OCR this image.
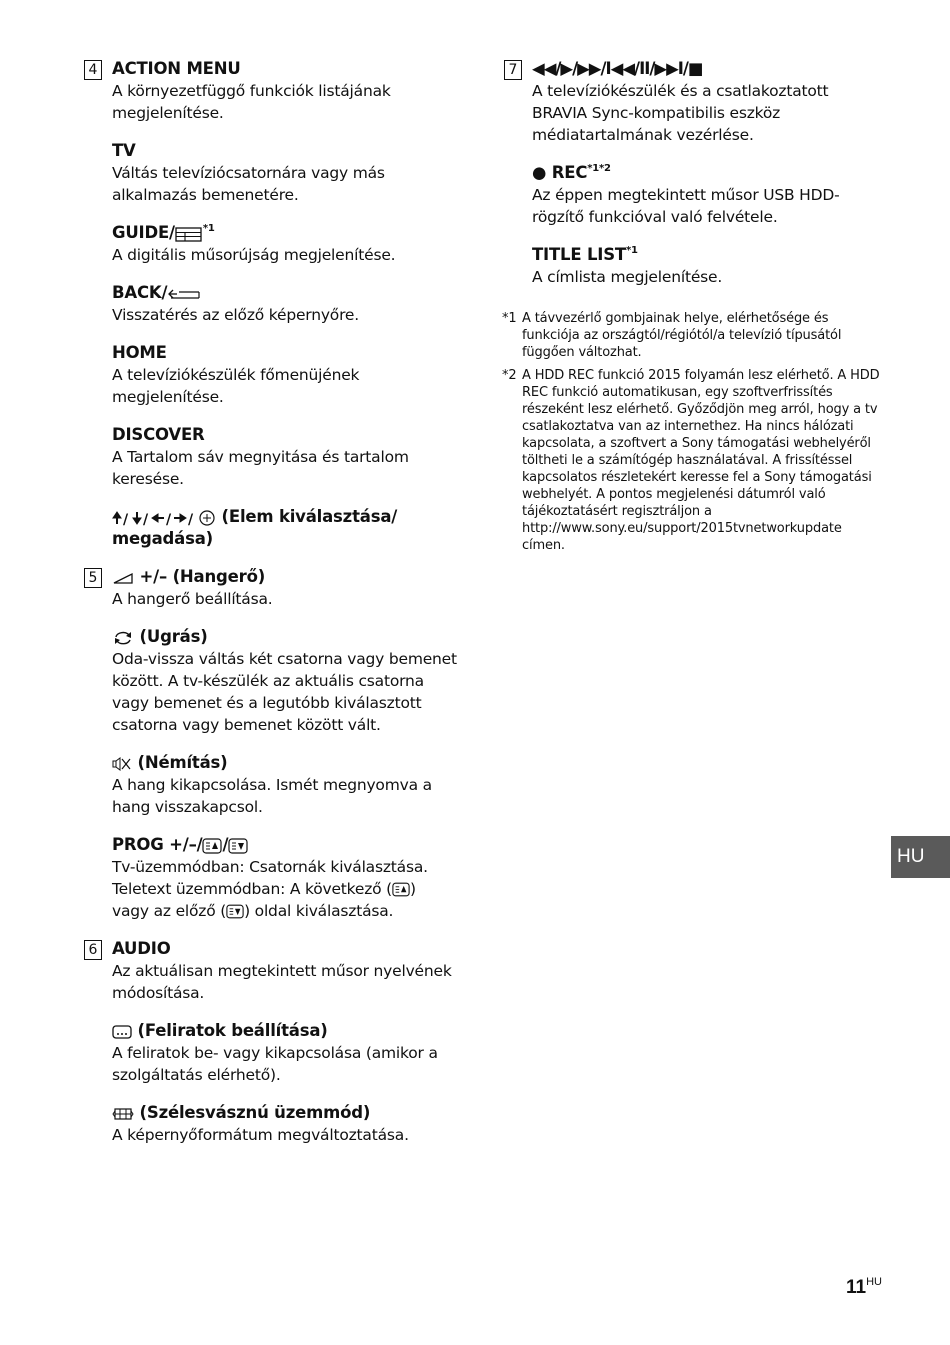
4 ACTION MENU
A környezetfüggő funkciók listájának megjelenítése.
TV
Váltás televíziócsatornára vagy más alkalmazás bemenetére.
GUIDE/	$^{*1}$
A digitális műsorújság megjelenítése.
BACK/
Visszatérés az előző képernyőre.
HOME
A televíziókészülék főmenüjének megjelenítése.
DISCOVER
A Tartalom sáv megnyitása és tartalom keresése.
/ / / / (Elem kiválasztása/ megadása)
5	+/– (Hangerő)
A hangerő beállítása.
(Ugrás)
Oda-vissza váltás két csatorna vagy bemenet között. A tv-készülék az aktuális csatorna vagy bemenet és a legutóbb kiválasztott csatorna vagy bemenet között vált.
(Némítás)
A hang kikapcsolása. Ismét megnyomva a hang visszakapcsol.
PROG +/–/ /
Tv-üzemmódban: Csatornák kiválasztása.
Teletext üzemmódban: A következő ( )
vagy az előző ( ) oldal kiválasztása.
6 AUDIO
Az aktuálisan megtekintett műsor nyelvének módosítása.
(Feliratok beállítása)
A feliratok be- vagy kikapcsolása (amikor a szolgáltatás elérhető).
(Szélesvásznú üzemmód)
A képernyőformátum megváltoztatása.
7 ◀◀/▶/▶▶/I◀◀/II/▶▶I/■
A televíziókészülék és a csatlakoztatott BRAVIA Sync-kompatibilis eszköz médiatartalmának vezérlése.
● $REC^{*1*2}$
Az éppen megtekintett műsor USB HDD-rögzítő funkcióval való felvétele.
TITLE LIST$^{*1}$
A címlista megjelenítése.
*1 A távvezérlő gombjainak helye, elérhetősége és funkciója az országtól/régiótól/a televízió típusától függően változhat.
*2 A HDD REC funkció 2015 folyamán lesz elérhető. A HDD REC funkció automatikusan, egy szoftverfrissítés részeként lesz elérhető. Győződjön meg arról, hogy a tv csatlakoztatva van az internethez. Ha nincs hálózati kapcsolata, a szoftvert a Sony támogatási webhelyéről töltheti le a számítógép használatával. A frissítéssel kapcsolatos részletekért keresse fel a Sony támogatási webhelyét. A pontos megjelenési dátumról való tájékoztatásért regisztráljon a http://www.sony.eu/support/2015tvnetworkupdate címen.
HU
$11^{HU}$
